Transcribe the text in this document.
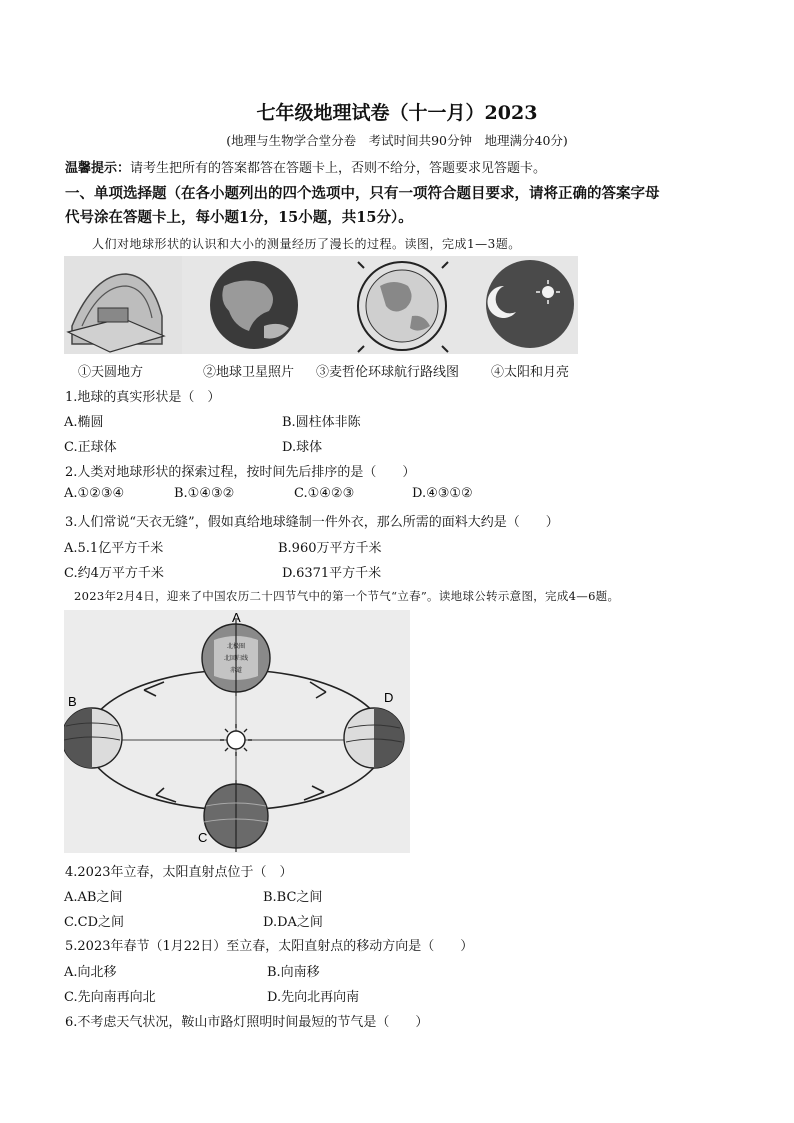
七年级地理试卷（十一月）2023
(地理与生物学合堂分卷　考试时间共90分钟　地理满分40分)
温馨提示：请考生把所有的答案都答在答题卡上，否则不给分，答题要求见答题卡。
一、单项选择题（在各小题列出的四个选项中，只有一项符合题目要求，请将正确的答案字母
代号涂在答题卡上，每小题1分，15小题，共15分）。
人们对地球形状的认识和大小的测量经历了漫长的过程。读图，完成1—3题。
①天圆地方	②地球卫星照片 ③麦哲伦环球航行路线图 ④太阳和月亮
1.地球的真实形状是（　）
A.椭圆	B.圆柱体非陈
C.正球体	D.球体
2.人类对地球形状的探索过程，按时间先后排序的是（　　）
A.①②③④	B.①④③②	C.①④②③	D.④③①②
3.人们常说“天衣无缝”，假如真给地球缝制一件外衣，那么所需的面料大约是（　　）
A.5.1亿平方千米	B.960万平方千米
C.约4万平方千米	D.6371平方千米
2023年2月4日，迎来了中国农历二十四节气中的第一个节气“立春”。读地球公转示意图，完成4—6题。
北极圈
北回归线
赤道
A
B
C
D
4.2023年立春，太阳直射点位于（　）
A.AB之间	B.BC之间
C.CD之间	D.DA之间
5.2023年春节（1月22日）至立春，太阳直射点的移动方向是（　　）
A.向北移	B.向南移
C.先向南再向北	D.先向北再向南
6.不考虑天气状况，鞍山市路灯照明时间最短的节气是（　　）
